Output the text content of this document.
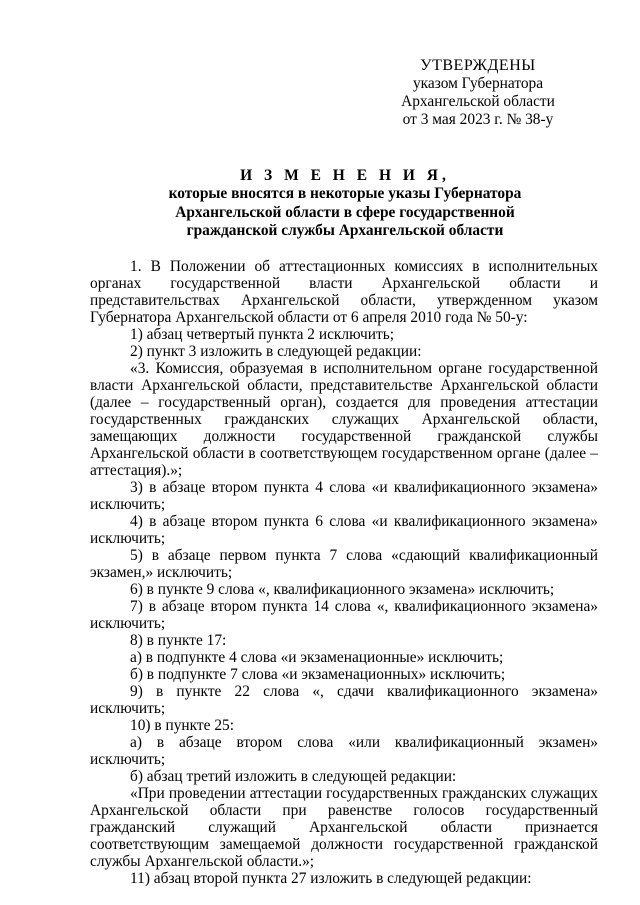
УТВЕРЖДЕНЫ
указом Губернатора
Архангельской области
от 3 мая 2023 г. № 38-у
И З М Е Н Е Н И Я,
которые вносятся в некоторые указы Губернатора
Архангельской области в сфере государственной
гражданской службы Архангельской области

1. В Положении об аттестационных комиссиях в исполнительных органах государственной власти Архангельской области и представительствах Архангельской области, утвержденном указом Губернатора Архангельской области от 6 апреля 2010 года № 50-у:

1) абзац четвертый пункта 2 исключить;

2) пункт 3 изложить в следующей редакции:

«3. Комиссия, образуемая в исполнительном органе государственной власти Архангельской области, представительстве Архангельской области (далее – государственный орган), создается для проведения аттестации государственных гражданских служащих Архангельской области, замещающих должности государственной гражданской службы Архангельской области в соответствующем государственном органе (далее – аттестация).»;

3) в абзаце втором пункта 4 слова «и квалификационного экзамена» исключить;

4) в абзаце втором пункта 6 слова «и квалификационного экзамена» исключить;

5) в абзаце первом пункта 7 слова «сдающий квалификационный экзамен,» исключить;

6) в пункте 9 слова «, квалификационного экзамена» исключить;

7) в абзаце втором пункта 14 слова «, квалификационного экзамена» исключить;

8) в пункте 17:

а) в подпункте 4 слова «и экзаменационные» исключить;

б) в подпункте 7 слова «и экзаменационных» исключить;

9) в пункте 22 слова «, сдачи квалификационного экзамена» исключить;

10) в пункте 25:

а) в абзаце втором слова «или квалификационный экзамен» исключить;

б) абзац третий изложить в следующей редакции:

«При проведении аттестации государственных гражданских служащих Архангельской области при равенстве голосов государственный гражданский служащий Архангельской области признается соответствующим замещаемой должности государственной гражданской службы Архангельской области.»;

11) абзац второй пункта 27 изложить в следующей редакции:
